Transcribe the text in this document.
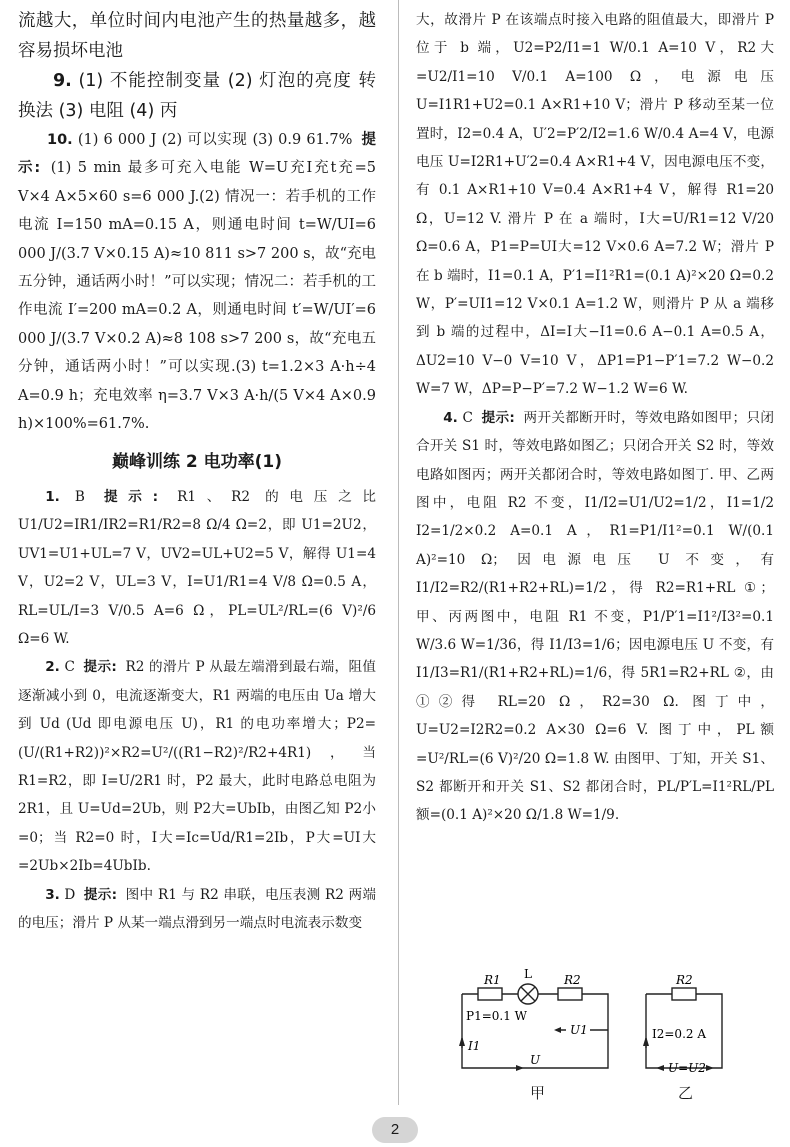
流越大，单位时间内电池产生的热量越多，越容易损坏电池

9. (1) 不能控制变量 (2) 灯泡的亮度 转换法 (3) 电阻 (4) 丙

10. (1) 6 000 J (2) 可以实现 (3) 0.9 61.7% 提示: (1) 5 min 最多可充入电能 W=U充I充t充=5 V×4 A×5×60 s=6 000 J.(2) 情况一：若手机的工作电流 I=150 mA=0.15 A，则通电时间 t=W/UI=6 000 J/(3.7 V×0.15 A)≈10 811 s>7 200 s，故“充电五分钟，通话两小时！”可以实现；情况二：若手机的工作电流 I′=200 mA=0.2 A，则通电时间 t′=W/UI′=6 000 J/(3.7 V×0.2 A)≈8 108 s>7 200 s，故“充电五分钟，通话两小时！”可以实现.(3) t=1.2×3 A·h÷4 A=0.9 h；充电效率 η=3.7 V×3 A·h/(5 V×4 A×0.9 h)×100%=61.7%.

巅峰训练 2 电功率(1)

1. B 提示: R1、R2 的电压之比 U1/U2=IR1/IR2=R1/R2=8 Ω/4 Ω=2，即 U1=2U2，UV1=U1+UL=7 V，UV2=UL+U2=5 V，解得 U1=4 V，U2=2 V，UL=3 V，I=U1/R1=4 V/8 Ω=0.5 A，RL=UL/I=3 V/0.5 A=6 Ω，PL=UL²/RL=(6 V)²/6 Ω=6 W.

2. C 提示: R2 的滑片 P 从最左端滑到最右端，阻值逐渐减小到 0，电流逐渐变大，R1 两端的电压由 Ua 增大到 Ud (Ud 即电源电压 U)，R1 的电功率增大；P2=(U/(R1+R2))²×R2=U²/((R1−R2)²/R2+4R1)，当 R1=R2，即 I=U/2R1 时，P2 最大，此时电路总电阻为 2R1，且 U=Ud=2Ub，则 P2大=UbIb，由图乙知 P2小=0；当 R2=0 时，I大=Ic=Ud/R1=2Ib，P大=UI大=2Ub×2Ib=4UbIb.

3. D 提示: 图中 R1 与 R2 串联，电压表测 R2 两端的电压；滑片 P 从某一端点滑到另一端点时电流表示数变

大，故滑片 P 在该端点时接入电路的阻值最大，即滑片 P 位于 b 端，U2=P2/I1=1 W/0.1 A=10 V，R2大=U2/I1=10 V/0.1 A=100 Ω，电源电压 U=I1R1+U2=0.1 A×R1+10 V；滑片 P 移动至某一位置时，I2=0.4 A，U′2=P′2/I2=1.6 W/0.4 A=4 V，电源电压 U=I2R1+U′2=0.4 A×R1+4 V，因电源电压不变，有 0.1 A×R1+10 V=0.4 A×R1+4 V，解得 R1=20 Ω，U=12 V. 滑片 P 在 a 端时，I大=U/R1=12 V/20 Ω=0.6 A，P1=P=UI大=12 V×0.6 A=7.2 W；滑片 P 在 b 端时，I1=0.1 A，P′1=I1²R1=(0.1 A)²×20 Ω=0.2 W，P′=UI1=12 V×0.1 A=1.2 W，则滑片 P 从 a 端移到 b 端的过程中，ΔI=I大−I1=0.6 A−0.1 A=0.5 A，ΔU2=10 V−0 V=10 V，ΔP1=P1−P′1=7.2 W−0.2 W=7 W，ΔP=P−P′=7.2 W−1.2 W=6 W.

4. C 提示: 两开关都断开时，等效电路如图甲；只闭合开关 S1 时，等效电路如图乙；只闭合开关 S2 时，等效电路如图丙；两开关都闭合时，等效电路如图丁. 甲、乙两图中，电阻 R2 不变，I1/I2=U1/U2=1/2，I1=1/2 I2=1/2×0.2 A=0.1 A，R1=P1/I1²=0.1 W/(0.1 A)²=10 Ω；因电源电压 U 不变，有 I1/I2=R2/(R1+R2+RL)=1/2，得 R2=R1+RL ①；甲、丙两图中，电阻 R1 不变，P1/P′1=I1²/I3²=0.1 W/3.6 W=1/36，得 I1/I3=1/6；因电源电压 U 不变，有 I1/I3=R1/(R1+R2+RL)=1/6，得 5R1=R2+RL ②，由①②得 RL=20 Ω，R2=30 Ω. 图丁中，U=U2=I2R2=0.2 A×30 Ω=6 V. 图丁中，PL额=U²/RL=(6 V)²/20 Ω=1.8 W. 由图甲、丁知，开关 S1、S2 都断开和开关 S1、S2 都闭合时，PL/P′L=I1²RL/PL额=(0.1 A)²×20 Ω/1.8 W=1/9.

R1 L	R2
P1=0.1 W
U1
I1
U
甲
R2
I2=0.2 A
U=U2
乙
2
